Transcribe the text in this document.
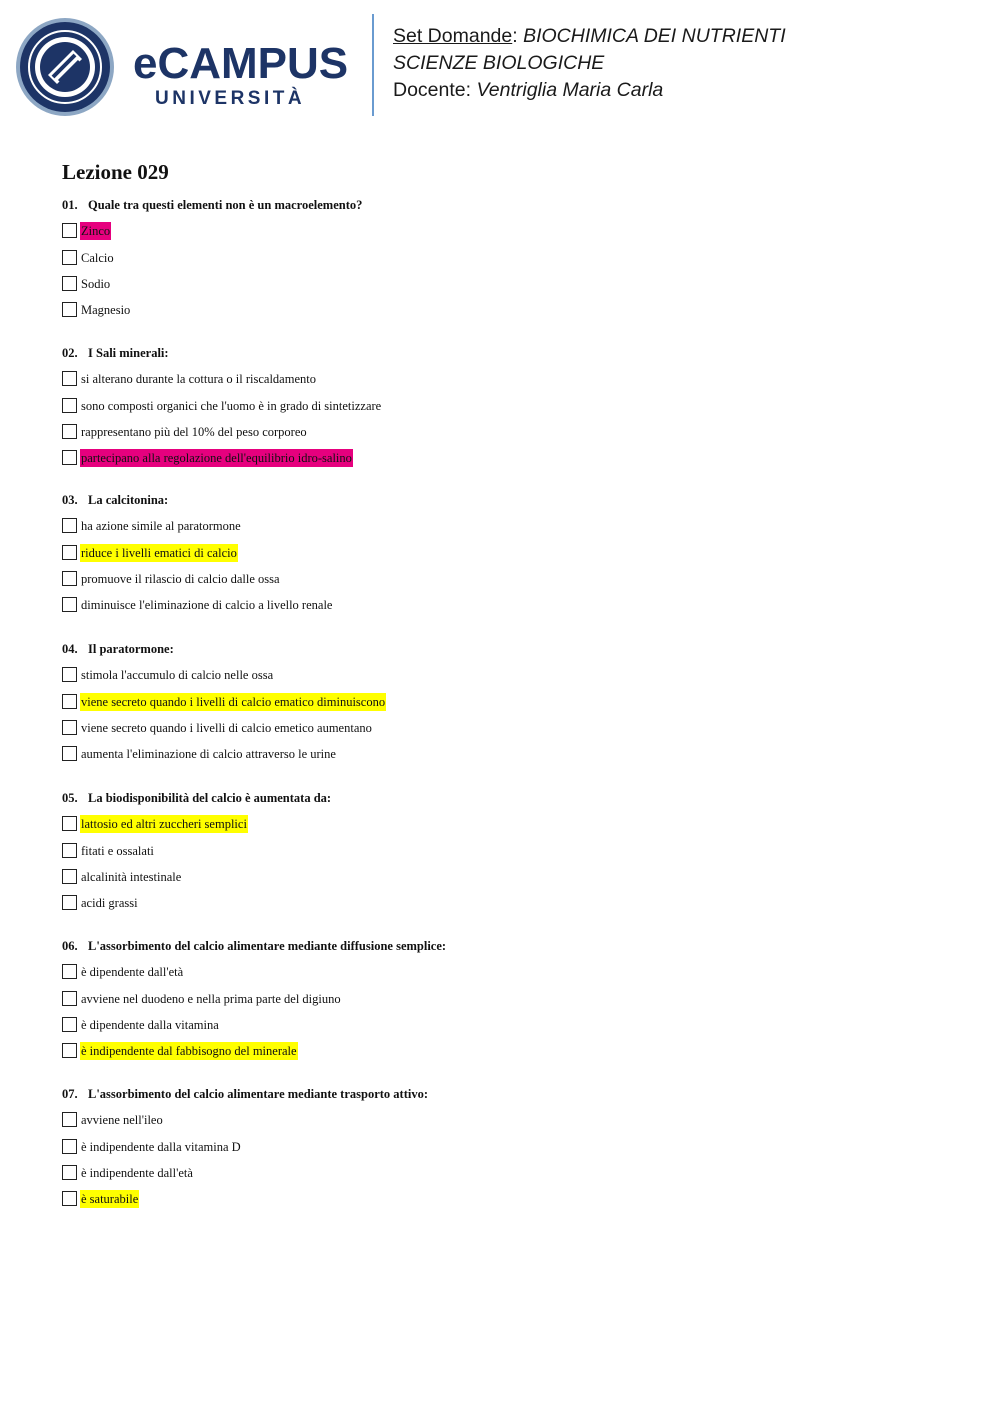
eCAMPUS
UNIVERSITÀ
Set Domande: BIOCHIMICA DEI NUTRIENTI
SCIENZE BIOLOGICHE
Docente: Ventriglia Maria Carla
Lezione 029
01. Quale tra questi elementi non è un macroelemento?
Zinco
Calcio
Sodio
Magnesio
02. I Sali minerali:
si alterano durante la cottura o il riscaldamento
sono composti organici che l'uomo è in grado di sintetizzare
rappresentano più del 10% del peso corporeo
partecipano alla regolazione dell'equilibrio idro-salino
03. La calcitonina:
ha azione simile al paratormone
riduce i livelli ematici di calcio
promuove il rilascio di calcio dalle ossa
diminuisce l'eliminazione di calcio a livello renale
04. Il paratormone:
stimola l'accumulo di calcio nelle ossa
viene secreto quando i livelli di calcio ematico diminuiscono
viene secreto quando i livelli di calcio emetico aumentano
aumenta l'eliminazione di calcio attraverso le urine
05. La biodisponibilità del calcio è aumentata da:
lattosio ed altri zuccheri semplici
fitati e ossalati
alcalinità intestinale
acidi grassi
06. L'assorbimento del calcio alimentare mediante diffusione semplice:
è dipendente dall'età
avviene nel duodeno e nella prima parte del digiuno
è dipendente dalla vitamina
è indipendente dal fabbisogno del minerale
07. L'assorbimento del calcio alimentare mediante trasporto attivo:
avviene nell'ileo
è indipendente dalla vitamina D
è indipendente dall'età
è saturabile
